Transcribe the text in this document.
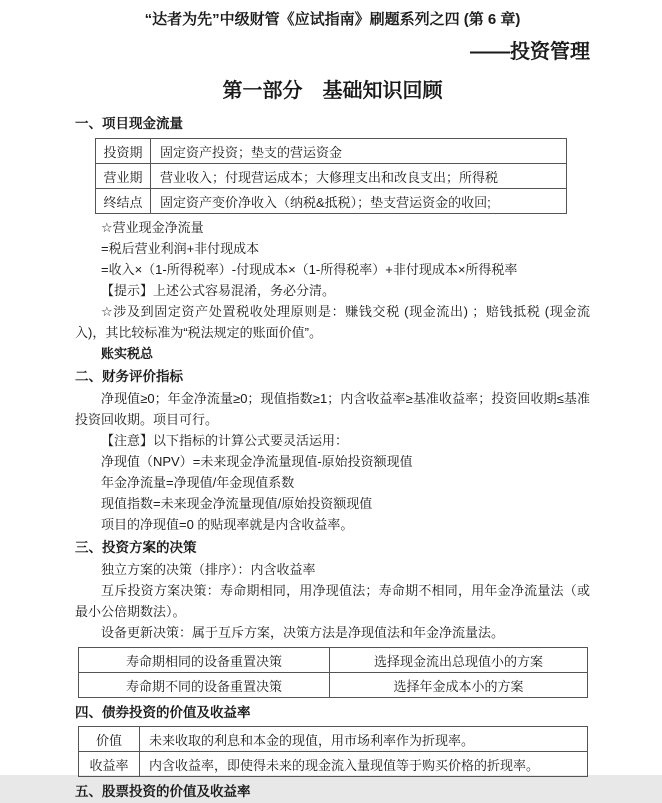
“达者为先”中级财管《应试指南》刷题系列之四 (第 6 章)
——投资管理
第一部分　基础知识回顾
一、项目现金流量
投资期	固定资产投资；垫支的营运资金
营业期	营业收入；付现营运成本；大修理支出和改良支出；所得税
终结点	固定资产变价净收入（纳税&抵税）；垫支营运资金的收回;

☆营业现金净流量

=税后营业利润+非付现成本

=收入×（1-所得税率）-付现成本×（1-所得税率）+非付现成本×所得税率

【提示】上述公式容易混淆，务必分清。

☆涉及到固定资产处置税收处理原则是：赚钱交税 (现金流出) ；赔钱抵税 (现金流入)，其比较标准为“税法规定的账面价值”。

账实税总

二、财务评价指标

净现值≥0；年金净流量≥0；现值指数≥1；内含收益率≥基准收益率；投资回收期≤基准投资回收期。项目可行。

【注意】以下指标的计算公式要灵活运用：

净现值（NPV）=未来现金净流量现值-原始投资额现值

年金净流量=净现值/年金现值系数

现值指数=未来现金净流量现值/原始投资额现值

项目的净现值=0 的贴现率就是内含收益率。

三、投资方案的决策

独立方案的决策（排序）：内含收益率

互斥投资方案决策：寿命期相同，用净现值法；寿命期不相同，用年金净流量法（或最小公倍期数法）。

设备更新决策：属于互斥方案，决策方法是净现值法和年金净流量法。

寿命期相同的设备重置决策	选择现金流出总现值小的方案
寿命期不同的设备重置决策	选择年金成本小的方案
四、债券投资的价值及收益率
价值	未来收取的利息和本金的现值，用市场利率作为折现率。
收益率	内含收益率，即使得未来的现金流入量现值等于购买价格的折现率。
五、股票投资的价值及收益率
